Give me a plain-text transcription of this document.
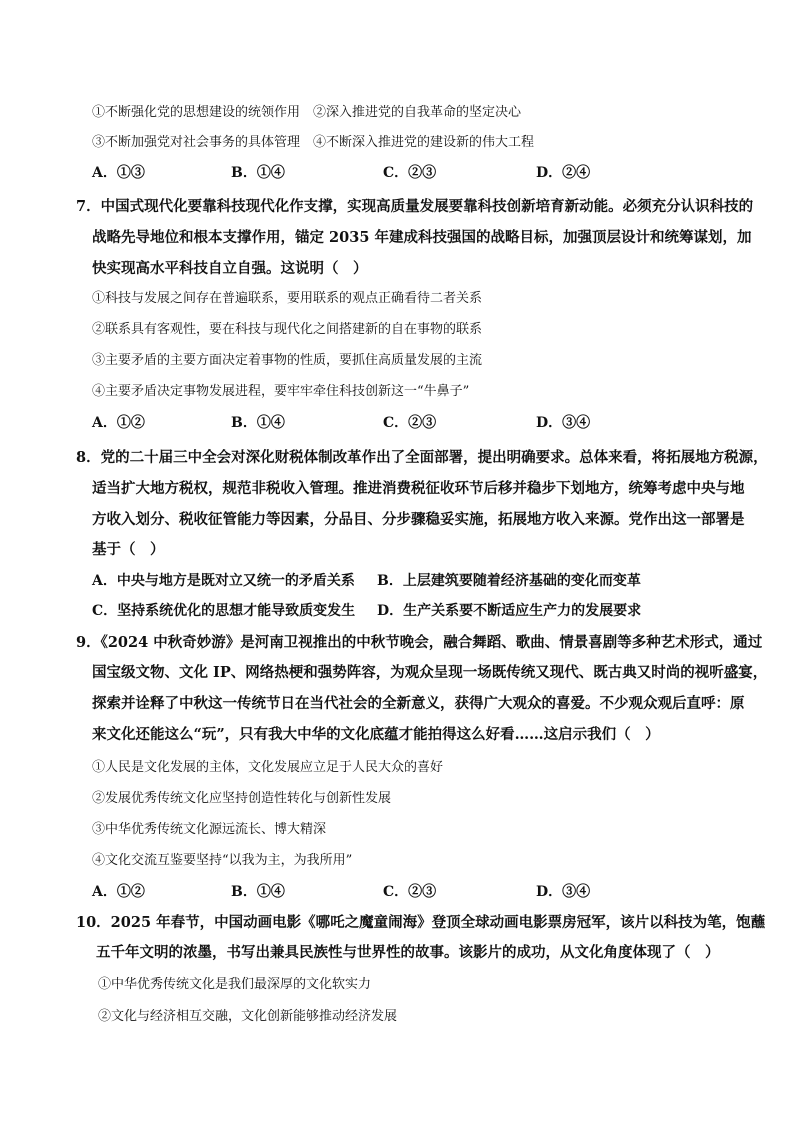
①不断强化党的思想建设的统领作用　②深入推进党的自我革命的坚定决心
③不断加强党对社会事务的具体管理　④不断深入推进党的建设新的伟大工程
A．①③	B．①④	C．②③	D．②④
7．中国式现代化要靠科技现代化作支撑，实现高质量发展要靠科技创新培育新动能。必须充分认识科技的
战略先导地位和根本支撑作用，锚定 2035 年建成科技强国的战略目标，加强顶层设计和统筹谋划，加
快实现高水平科技自立自强。这说明（　）
①科技与发展之间存在普遍联系，要用联系的观点正确看待二者关系
②联系具有客观性，要在科技与现代化之间搭建新的自在事物的联系
③主要矛盾的主要方面决定着事物的性质，要抓住高质量发展的主流
④主要矛盾决定事物发展进程，要牢牢牵住科技创新这一“牛鼻子”
A．①②	B．①④	C．②③	D．③④
8．党的二十届三中全会对深化财税体制改革作出了全面部署，提出明确要求。总体来看，将拓展地方税源，
适当扩大地方税权，规范非税收入管理。推进消费税征收环节后移并稳步下划地方，统筹考虑中央与地
方收入划分、税收征管能力等因素，分品目、分步骤稳妥实施，拓展地方收入来源。党作出这一部署是
基于（　）
A．中央与地方是既对立又统一的矛盾关系 B．上层建筑要随着经济基础的变化而变革
C．坚持系统优化的思想才能导致质变发生 D．生产关系要不断适应生产力的发展要求
9．《2024 中秋奇妙游》是河南卫视推出的中秋节晚会，融合舞蹈、歌曲、情景喜剧等多种艺术形式，通过
国宝级文物、文化 IP、网络热梗和强势阵容，为观众呈现一场既传统又现代、既古典又时尚的视听盛宴，
探索并诠释了中秋这一传统节日在当代社会的全新意义，获得广大观众的喜爱。不少观众观后直呼：原
来文化还能这么“玩”，只有我大中华的文化底蕴才能拍得这么好看……这启示我们（　）
①人民是文化发展的主体，文化发展应立足于人民大众的喜好
②发展优秀传统文化应坚持创造性转化与创新性发展
③中华优秀传统文化源远流长、博大精深
④文化交流互鉴要坚持“以我为主，为我所用”
A．①②	B．①④	C．②③	D．③④
10．2025 年春节，中国动画电影《哪吒之魔童闹海》登顶全球动画电影票房冠军，该片以科技为笔，饱蘸
五千年文明的浓墨，书写出兼具民族性与世界性的故事。该影片的成功，从文化角度体现了（　）
①中华优秀传统文化是我们最深厚的文化软实力
②文化与经济相互交融，文化创新能够推动经济发展
